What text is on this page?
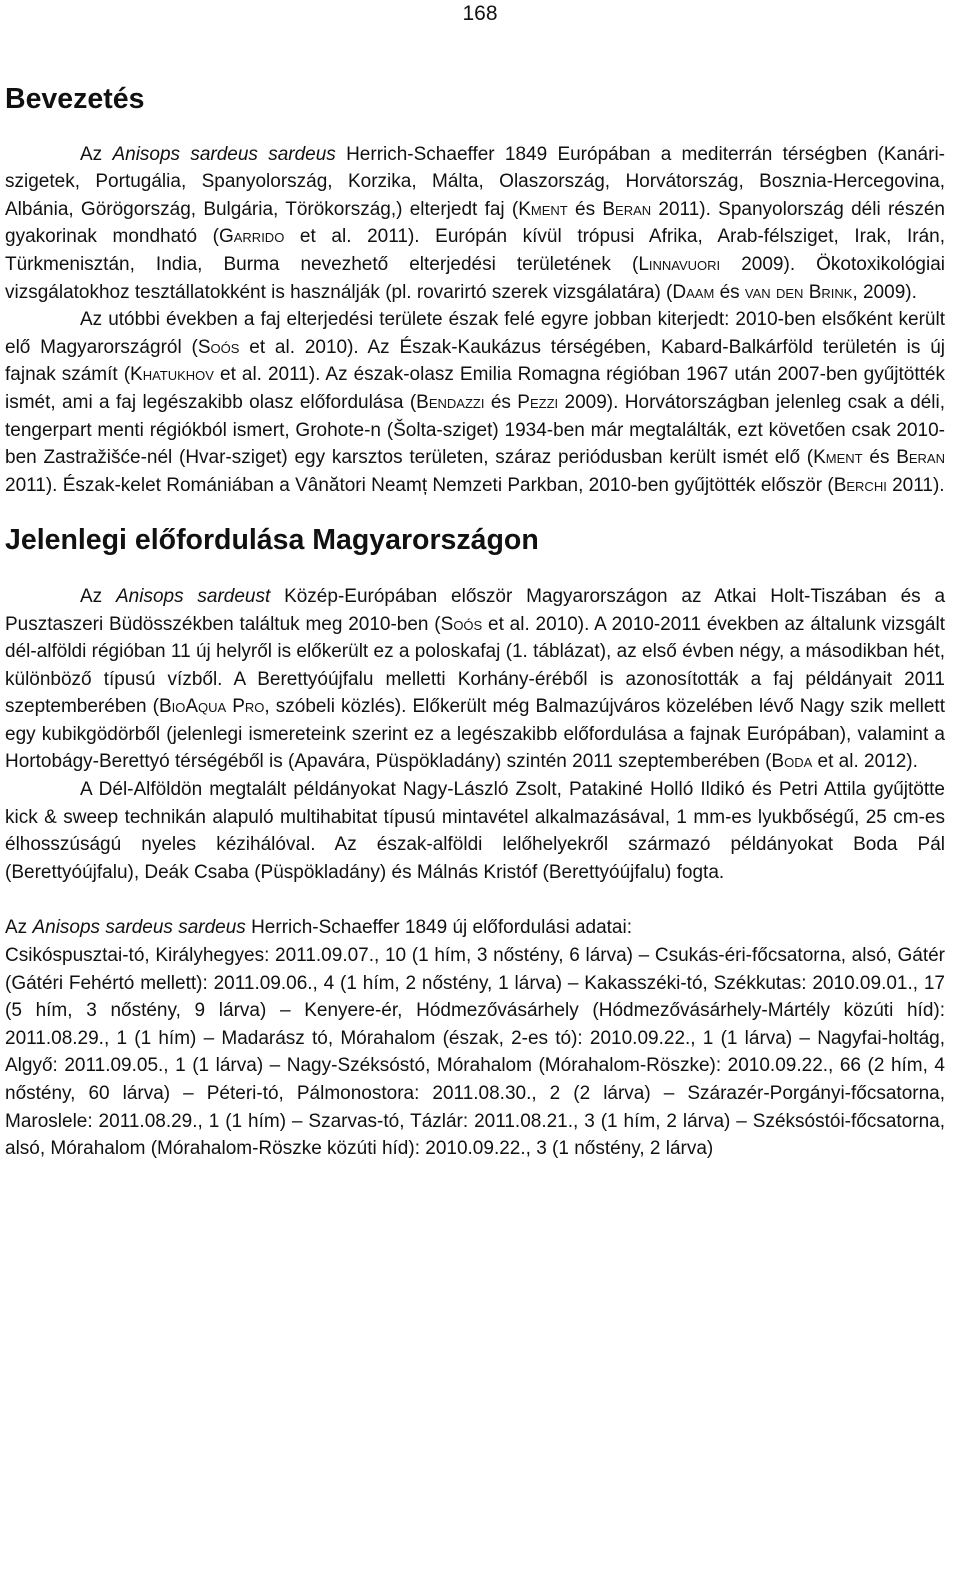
168
Bevezetés

Az Anisops sardeus sardeus Herrich-Schaeffer 1849 Európában a mediterrán térségben (Kanári-szigetek, Portugália, Spanyolország, Korzika, Málta, Olaszország, Horvátország, Bosznia-Hercegovina, Albánia, Görögország, Bulgária, Törökország,) elterjedt faj (Kment és Beran 2011). Spanyolország déli részén gyakorinak mondható (Garrido et al. 2011). Európán kívül trópusi Afrika, Arab-félsziget, Irak, Irán, Türkmenisztán, India, Burma nevezhető elterjedési területének (Linnavuori 2009). Ökotoxikológiai vizsgálatokhoz tesztállatokként is használják (pl. rovarirtó szerek vizsgálatára) (Daam és van den Brink, 2009).

Az utóbbi években a faj elterjedési területe észak felé egyre jobban kiterjedt: 2010-ben elsőként került elő Magyarországról (Soós et al. 2010). Az Észak-Kaukázus térségében, Kabard-Balkárföld területén is új fajnak számít (Khatukhov et al. 2011). Az észak-olasz Emilia Romagna régióban 1967 után 2007-ben gyűjtötték ismét, ami a faj legészakibb olasz előfordulása (Bendazzi és Pezzi 2009). Horvátországban jelenleg csak a déli, tengerpart menti régiókból ismert, Grohote-n (Šolta-sziget) 1934-ben már megtalálták, ezt követően csak 2010-ben Zastražišće-nél (Hvar-sziget) egy karsztos területen, száraz periódusban került ismét elő (Kment és Beran 2011). Észak-kelet Romániában a Vânători Neamț Nemzeti Parkban, 2010-ben gyűjtötték először (Berchi 2011).

Jelenlegi előfordulása Magyarországon

Az Anisops sardeust Közép-Európában először Magyarországon az Atkai Holt-Tiszában és a Pusztaszeri Büdösszékben találtuk meg 2010-ben (Soós et al. 2010). A 2010-2011 években az általunk vizsgált dél-alföldi régióban 11 új helyről is előkerült ez a poloskafaj (1. táblázat), az első évben négy, a másodikban hét, különböző típusú vízből. A Berettyóújfalu melletti Korhány-éréből is azonosították a faj példányait 2011 szeptemberében (BioAqua Pro, szóbeli közlés). Előkerült még Balmazújváros közelében lévő Nagy szik mellett egy kubikgödörből (jelenlegi ismereteink szerint ez a legészakibb előfordulása a fajnak Európában), valamint a Hortobágy-Berettyó térségéből is (Apavára, Püspökladány) szintén 2011 szeptemberében (Boda et al. 2012).

A Dél-Alföldön megtalált példányokat Nagy-László Zsolt, Patakiné Holló Ildikó és Petri Attila gyűjtötte kick & sweep technikán alapuló multihabitat típusú mintavétel alkalmazásával, 1 mm-es lyukbőségű, 25 cm-es élhosszúságú nyeles kézihálóval. Az észak-alföldi lelőhelyekről származó példányokat Boda Pál (Berettyóújfalu), Deák Csaba (Püspökladány) és Málnás Kristóf (Berettyóújfalu) fogta.

Az Anisops sardeus sardeus Herrich-Schaeffer 1849 új előfordulási adatai:

Csikóspusztai-tó, Királyhegyes: 2011.09.07., 10 (1 hím, 3 nőstény, 6 lárva) – Csukás-éri-főcsatorna, alsó, Gátér (Gátéri Fehértó mellett): 2011.09.06., 4 (1 hím, 2 nőstény, 1 lárva) – Kakasszéki-tó, Székkutas: 2010.09.01., 17 (5 hím, 3 nőstény, 9 lárva) – Kenyere-ér, Hódmezővásárhely (Hódmezővásárhely-Mártély közúti híd): 2011.08.29., 1 (1 hím) – Madarász tó, Mórahalom (észak, 2-es tó): 2010.09.22., 1 (1 lárva) – Nagyfai-holtág, Algyő: 2011.09.05., 1 (1 lárva) – Nagy-Széksóstó, Mórahalom (Mórahalom-Röszke): 2010.09.22., 66 (2 hím, 4 nőstény, 60 lárva) – Péteri-tó, Pálmonostora: 2011.08.30., 2 (2 lárva) – Szárazér-Porgányi-főcsatorna, Maroslele: 2011.08.29., 1 (1 hím) – Szarvas-tó, Tázlár: 2011.08.21., 3 (1 hím, 2 lárva) – Széksóstói-főcsatorna, alsó, Mórahalom (Mórahalom-Röszke közúti híd): 2010.09.22., 3 (1 nőstény, 2 lárva)
